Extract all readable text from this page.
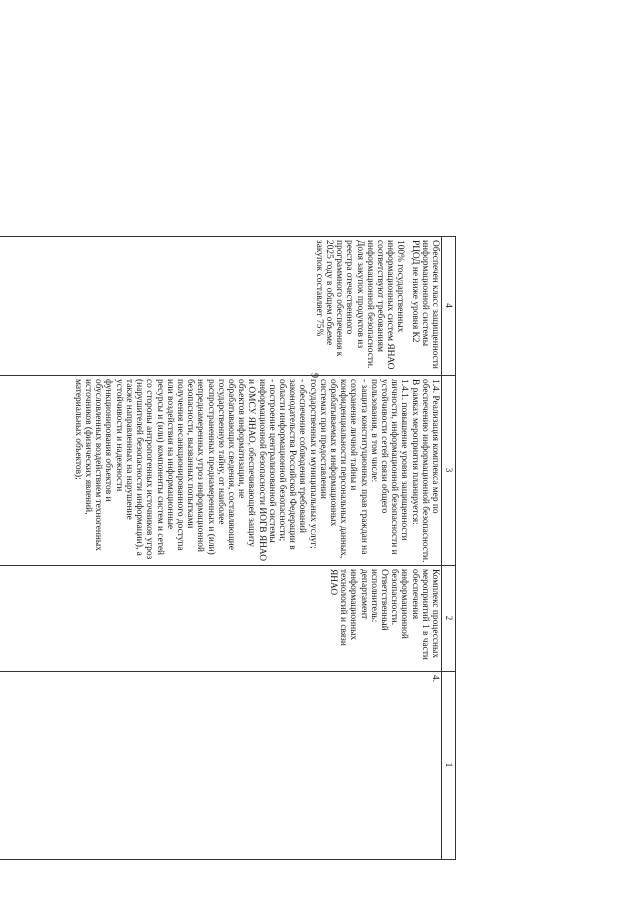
9
4
3
2
1

Обеспечен класс защищенности информационной системы РЦОД не ниже уровня К2

100% государственных информационных систем ЯНАО соответствуют требованиям информационной безопасности. Доля закупок продуктов из реестра отечественного программного обеспечения к 2025 году в общем объеме закупок составляет 75%

1.4. Реализация комплекса мер по обеспечению информационной безопасности.

В рамках мероприятия планируется:

1.4.1. повышение уровня защищенности личности, информационной безопасности и устойчивости сетей связи общего пользования, в том числе:

- защита конституционных прав граждан на сохранение личной тайны и конфиденциальности персональных данных, обрабатываемых в информационных системах при предоставлении государственных и муниципальных услуг;

- обеспечение соблюдения требований законодательства Российской Федерации в области информационной безопасности;

- построение централизованной системы информационной безопасности ИОГВ ЯНАО и ОМСУ ЯНАО, обеспечивающей защиту объектов информатизации, не обрабатывающих сведения, составляющие государственную тайну, от наиболее распространенных преднамеренных и (или) непреднамеренных угроз информационной безопасности, вызванных попытками получения несанкционированного доступа или воздействия на информационные ресурсы и (или) компоненты систем и сетей со стороны антропогенных источников угроз (нарушителей безопасности информации), а также направленных на нарушение устойчивости и надежности функционирования объектов и обусловленных воздействием техногенных источников (физических явлений, материальных объектов);

Комплекс процессных мероприятий 1 в части обеспечения информационной безопасности. Ответственный исполнитель: департамент информационных технологий и связи ЯНАО
4.
